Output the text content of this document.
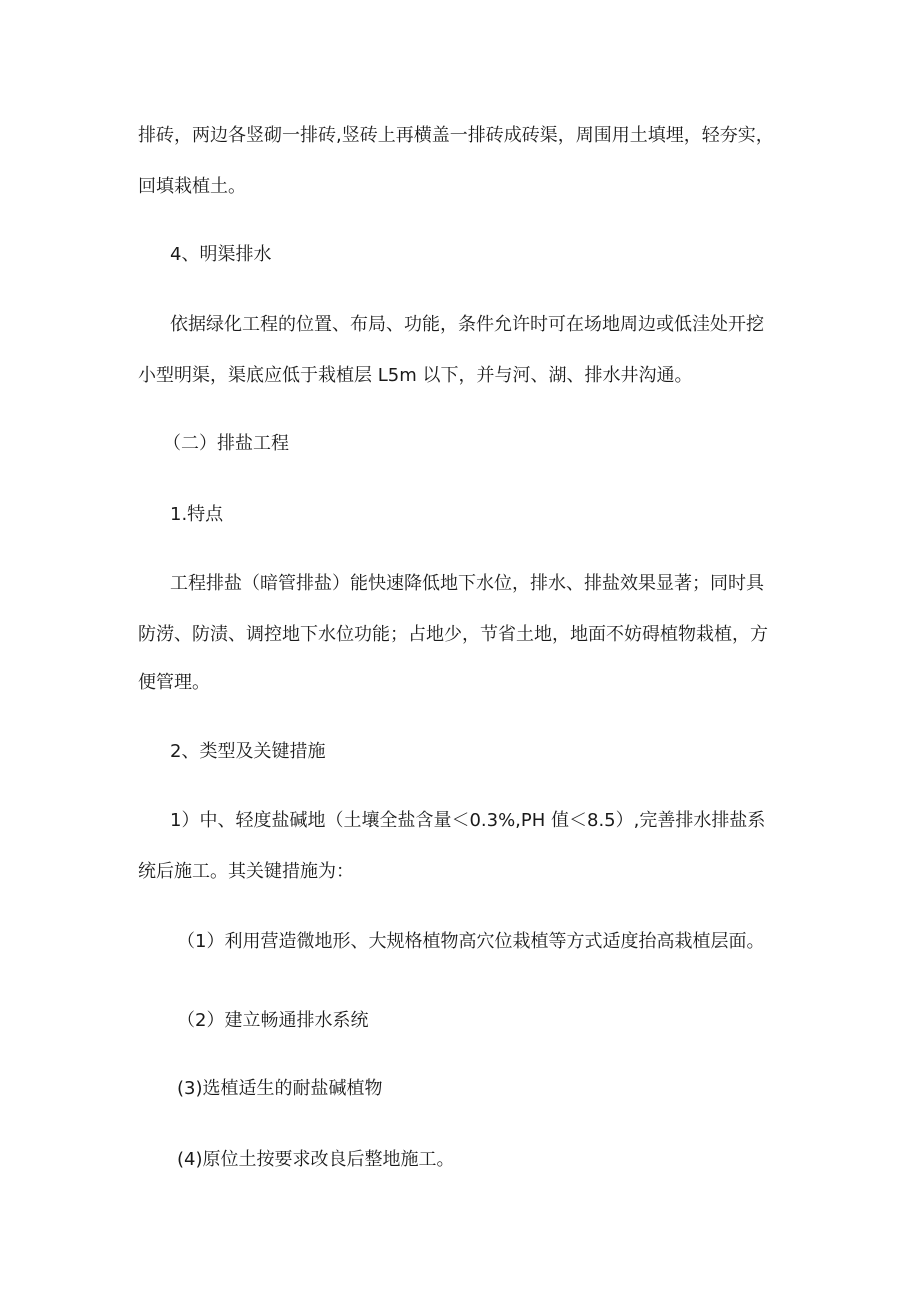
排砖，两边各竖砌一排砖,竖砖上再横盖一排砖成砖渠，周围用土填埋，轻夯实，
回填栽植土。
4、明渠排水
依据绿化工程的位置、布局、功能，条件允许时可在场地周边或低洼处开挖
小型明渠，渠底应低于栽植层 L5m 以下，并与河、湖、排水井沟通。
（二）排盐工程
1.特点
工程排盐（暗管排盐）能快速降低地下水位，排水、排盐效果显著；同时具
防涝、防渍、调控地下水位功能；占地少，节省土地，地面不妨碍植物栽植，方
便管理。
2、类型及关键措施
1）中、轻度盐碱地（土壤全盐含量＜0.3%,PH 值＜8.5）,完善排水排盐系
统后施工。其关键措施为：
（1）利用营造微地形、大规格植物高穴位栽植等方式适度抬高栽植层面。
（2）建立畅通排水系统
(3)选植适生的耐盐碱植物
(4)原位土按要求改良后整地施工。
